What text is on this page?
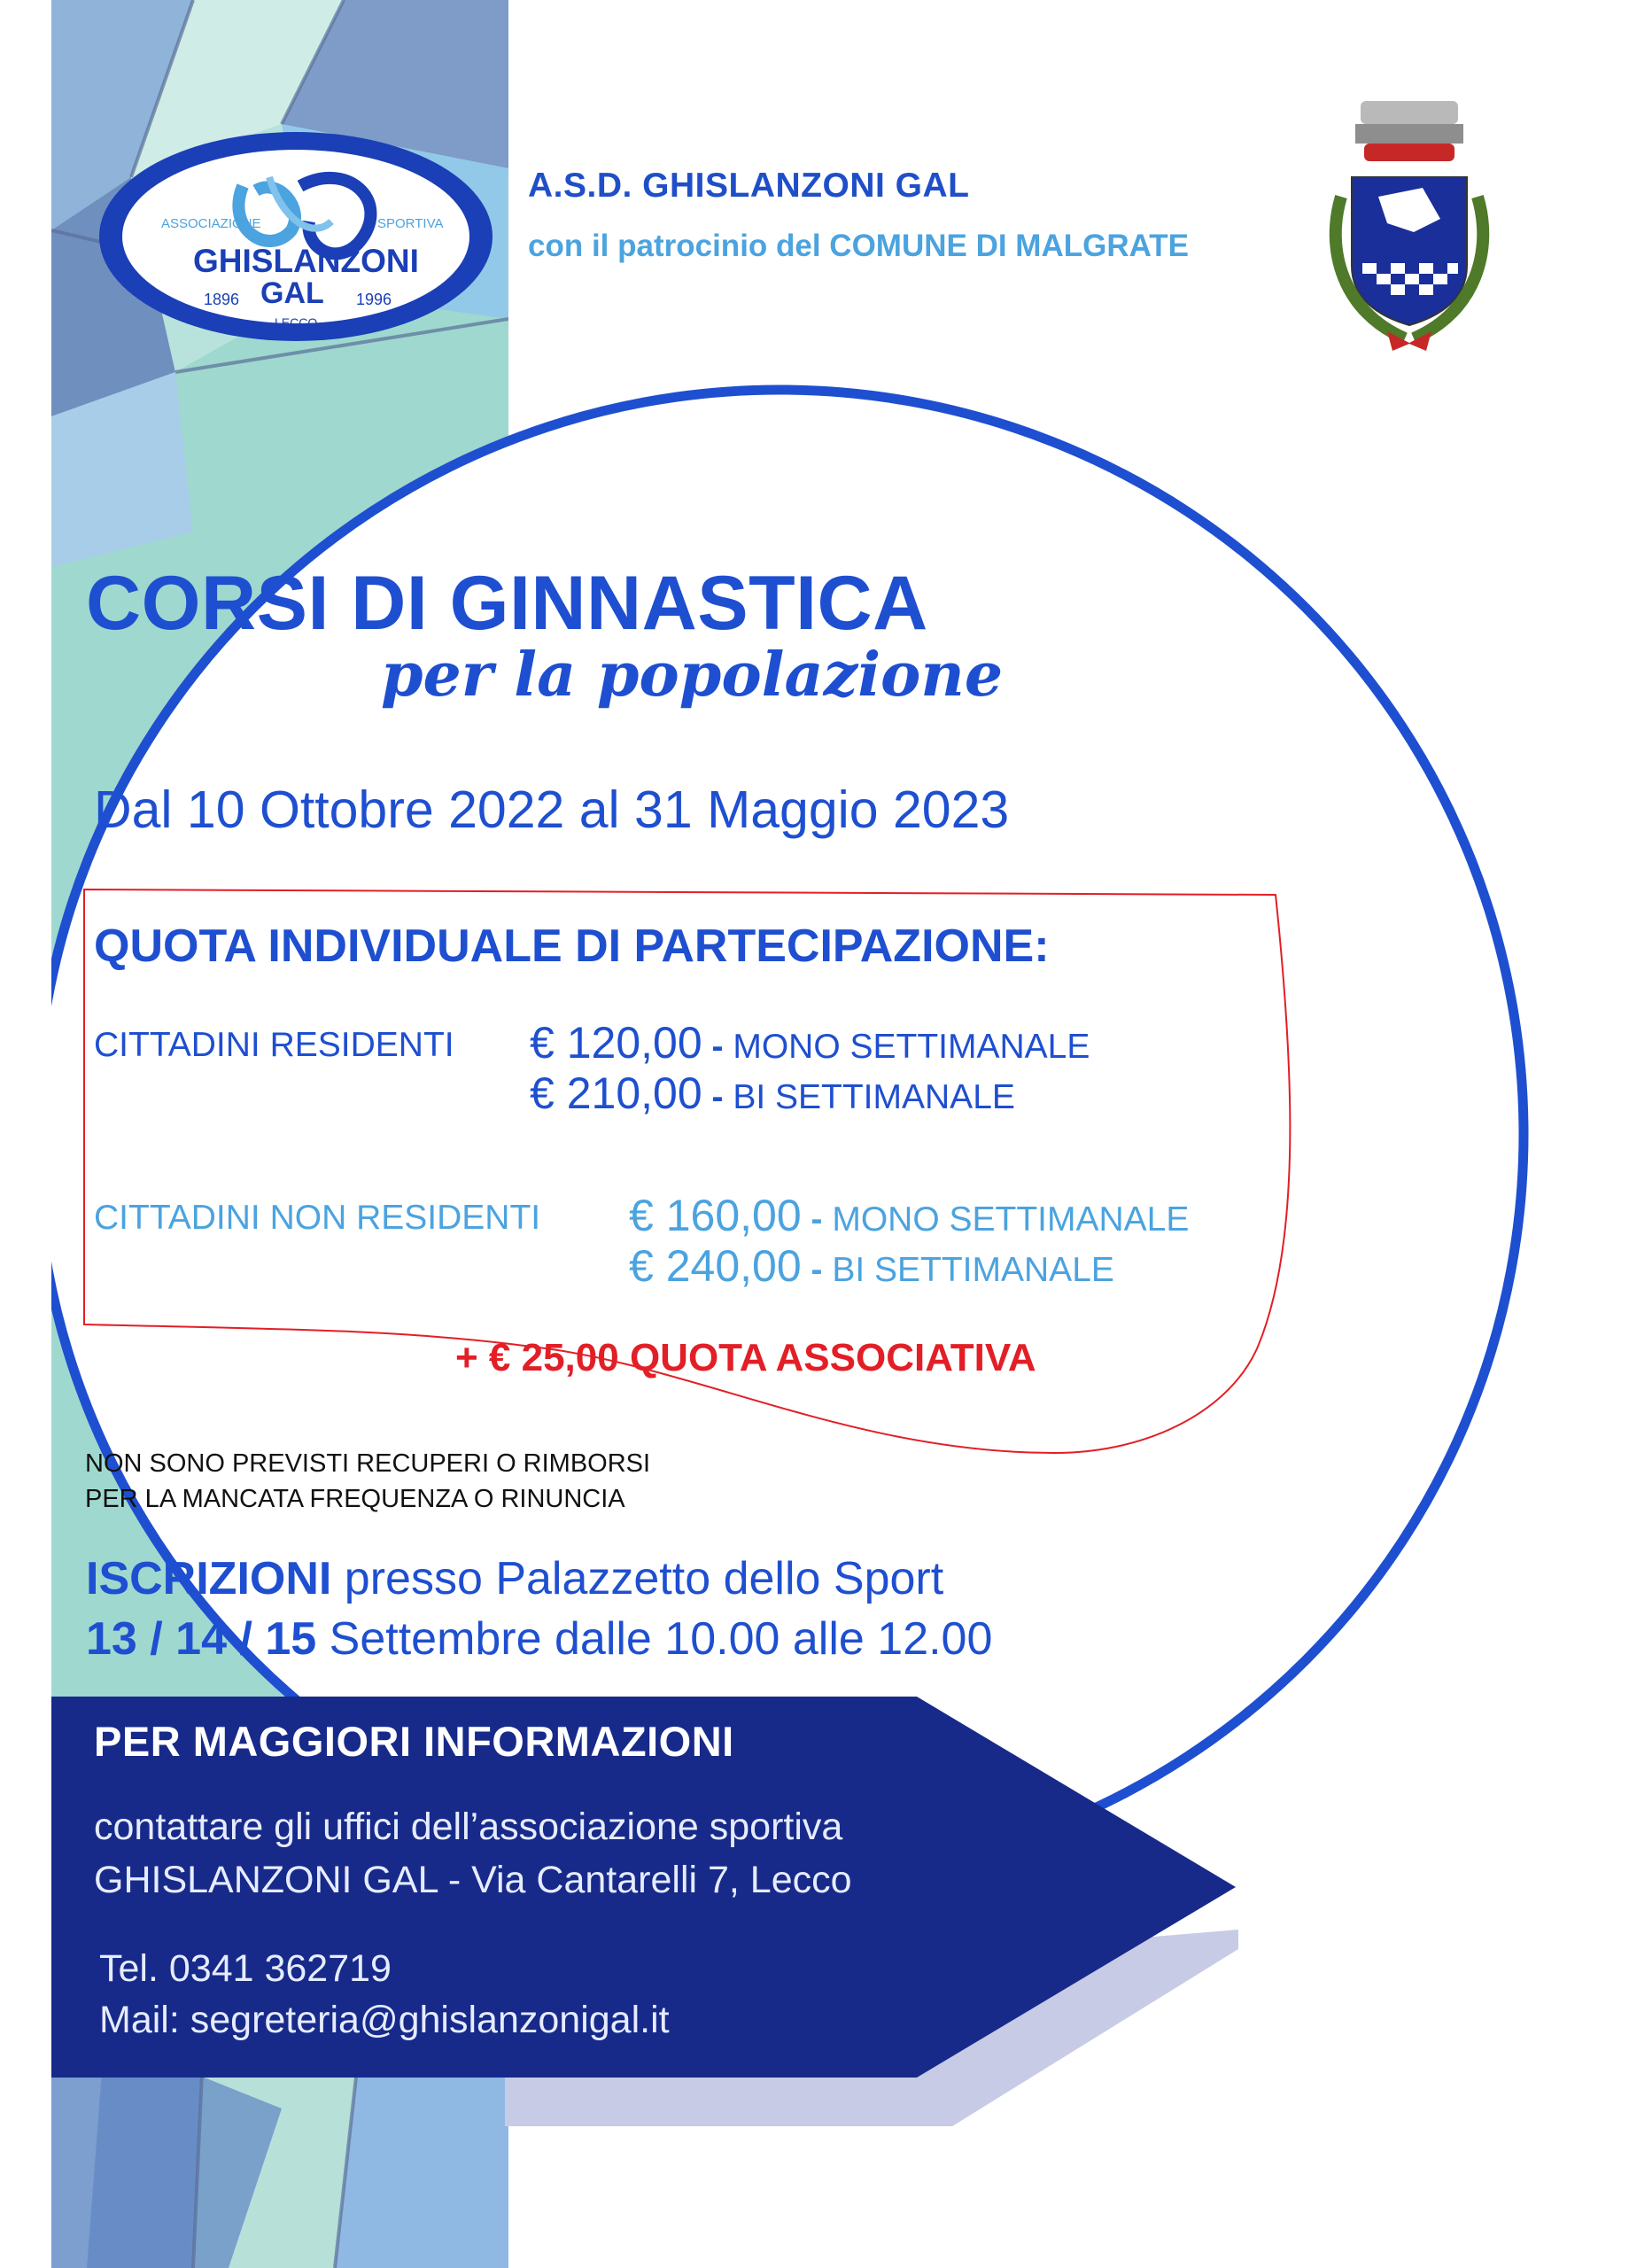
ASSOCIAZIONE	SPORTIVA
GHISLANZONI
GAL
1896	1996
LECCO
A.S.D. GHISLANZONI GAL
con il patrocinio del COMUNE DI MALGRATE
CORSI DI GINNASTICA
per la popolazione
Dal 10 Ottobre 2022 al 31 Maggio 2023
QUOTA INDIVIDUALE DI PARTECIPAZIONE:
CITTADINI RESIDENTI € 120,00 - MONO SETTIMANALE
€ 210,00 - BI SETTIMANALE
CITTADINI NON RESIDENTI € 160,00 - MONO SETTIMANALE
€ 240,00 - BI SETTIMANALE
+ € 25,00 QUOTA ASSOCIATIVA
NON SONO PREVISTI RECUPERI O RIMBORSI
PER LA MANCATA FREQUENZA O RINUNCIA
ISCRIZIONI presso Palazzetto dello Sport
13 / 14 / 15 Settembre dalle 10.00 alle 12.00
PER MAGGIORI INFORMAZIONI
contattare gli uffici dell’associazione sportiva
GHISLANZONI GAL - Via Cantarelli 7, Lecco
Tel. 0341 362719
Mail: segreteria@ghislanzonigal.it
